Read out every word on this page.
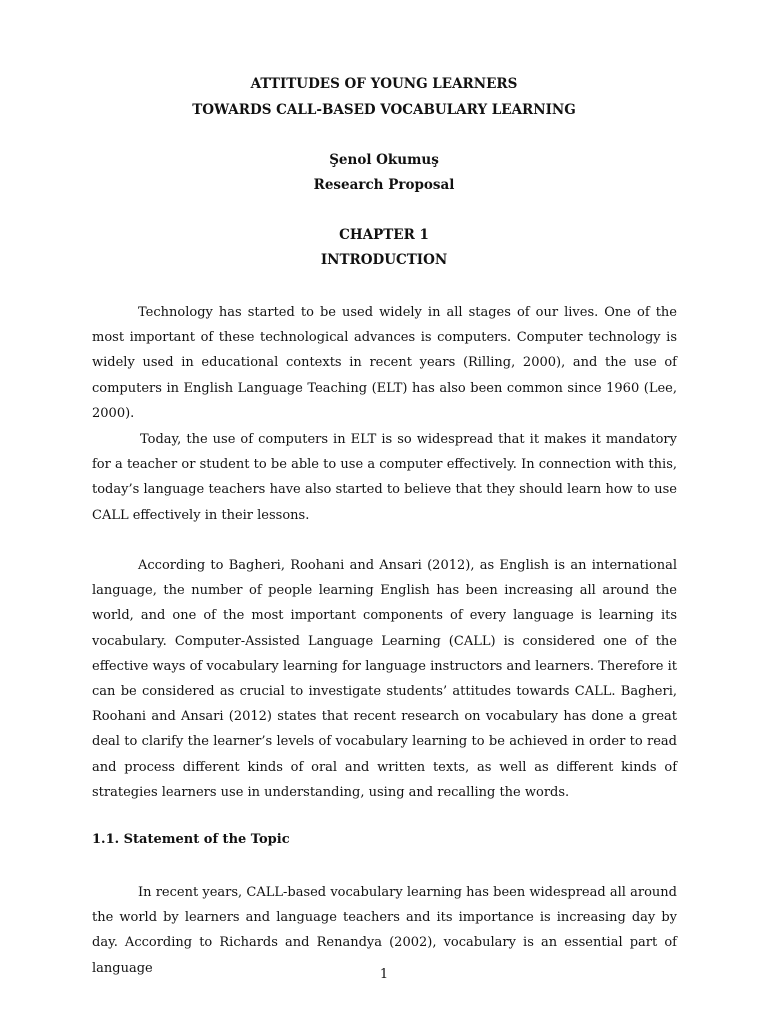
ATTITUDES OF YOUNG LEARNERS
TOWARDS CALL-BASED VOCABULARY LEARNING
Şenol Okumuş
Research Proposal
CHAPTER 1
INTRODUCTION

Technology has started to be used widely in all stages of our lives. One of the most important of these technological advances is computers. Computer technology is widely used in educational contexts in recent years (Rilling, 2000), and the use of computers in English Language Teaching (ELT) has also been common since 1960 (Lee, 2000).

Today, the use of computers in ELT is so widespread that it makes it mandatory for a teacher or student to be able to use a computer effectively. In connection with this, today’s language teachers have also started to believe that they should learn how to use CALL effectively in their lessons.

According to Bagheri, Roohani and Ansari (2012), as English is an international language, the number of people learning English has been increasing all around the world, and one of the most important components of every language is learning its vocabulary. Computer-Assisted Language Learning (CALL) is considered one of the effective ways of vocabulary learning for language instructors and learners. Therefore it can be considered as crucial to investigate students’ attitudes towards CALL. Bagheri, Roohani and Ansari (2012) states that recent research on vocabulary has done a great deal to clarify the learner’s levels of vocabulary learning to be achieved in order to read and process different kinds of oral and written texts, as well as different kinds of strategies learners use in understanding, using and recalling the words.

1.1. Statement of the Topic

In recent years, CALL-based vocabulary learning has been widespread all around the world by learners and language teachers and its importance is increasing day by day. According to Richards and Renandya (2002), vocabulary is an essential part of language	1
